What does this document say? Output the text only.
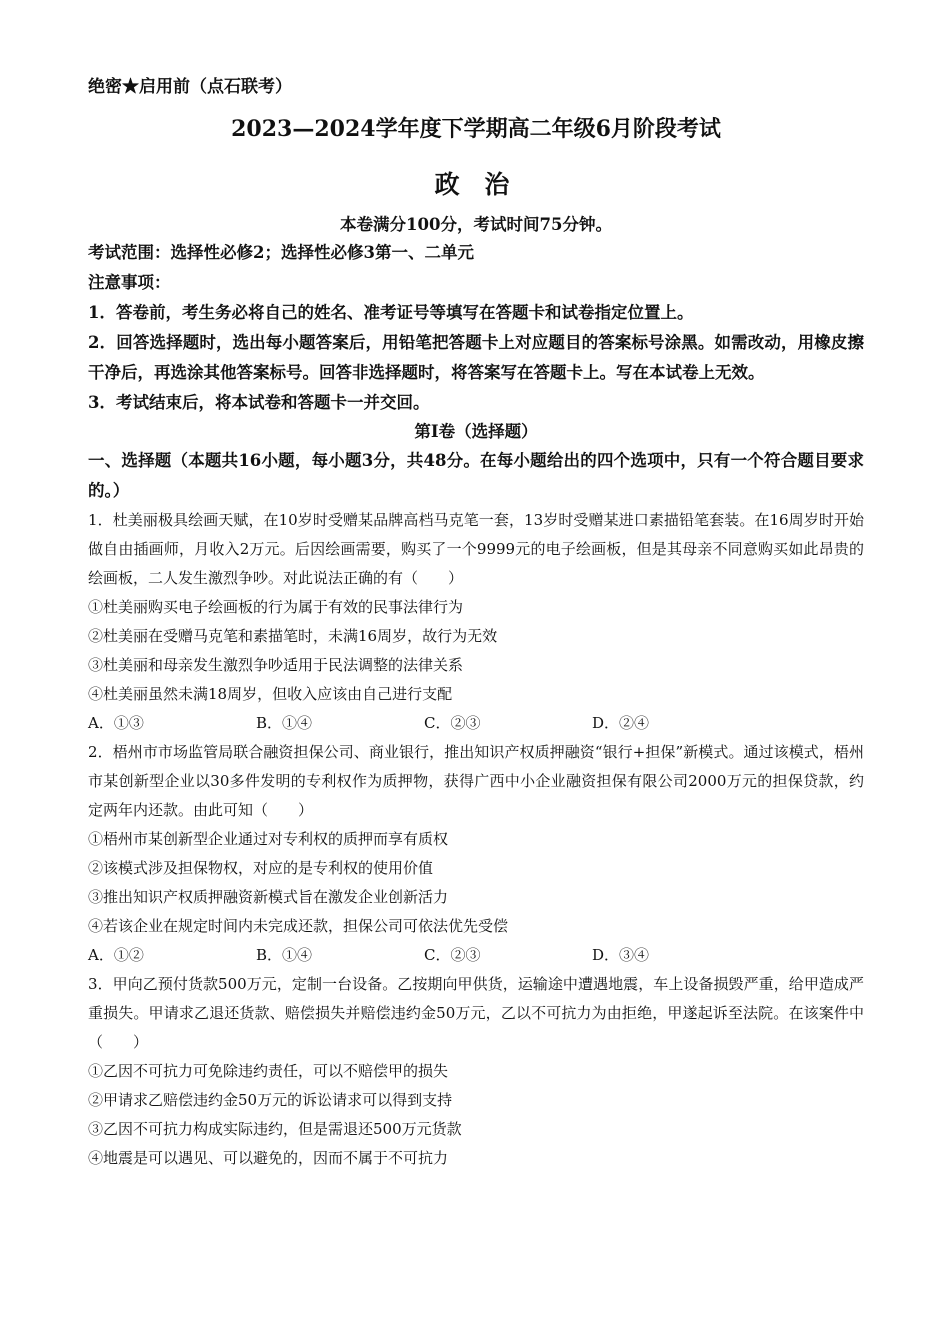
绝密★启用前（点石联考）
2023—2024学年度下学期高二年级6月阶段考试
政 治
本卷满分100分，考试时间75分钟。
考试范围：选择性必修2；选择性必修3第一、二单元
注意事项：
1．答卷前，考生务必将自己的姓名、准考证号等填写在答题卡和试卷指定位置上。
2．回答选择题时，选出每小题答案后，用铅笔把答题卡上对应题目的答案标号涂黑。如需改动，用橡皮擦干净后，再选涂其他答案标号。回答非选择题时，将答案写在答题卡上。写在本试卷上无效。
3．考试结束后，将本试卷和答题卡一并交回。
第Ⅰ卷（选择题）
一、选择题（本题共16小题，每小题3分，共48分。在每小题给出的四个选项中，只有一个符合题目要求的。）
1．杜美丽极具绘画天赋，在10岁时受赠某品牌高档马克笔一套，13岁时受赠某进口素描铅笔套装。在16周岁时开始做自由插画师，月收入2万元。后因绘画需要，购买了一个9999元的电子绘画板，但是其母亲不同意购买如此昂贵的绘画板，二人发生激烈争吵。对此说法正确的有（　　）
①杜美丽购买电子绘画板的行为属于有效的民事法律行为
②杜美丽在受赠马克笔和素描笔时，未满16周岁，故行为无效
③杜美丽和母亲发生激烈争吵适用于民法调整的法律关系
④杜美丽虽然未满18周岁，但收入应该由自己进行支配
A．①③	B．①④	C．②③	D．②④
2．梧州市市场监管局联合融资担保公司、商业银行，推出知识产权质押融资“银行+担保”新模式。通过该模式，梧州市某创新型企业以30多件发明的专利权作为质押物，获得广西中小企业融资担保有限公司2000万元的担保贷款，约定两年内还款。由此可知（　　）
①梧州市某创新型企业通过对专利权的质押而享有质权
②该模式涉及担保物权，对应的是专利权的使用价值
③推出知识产权质押融资新模式旨在激发企业创新活力
④若该企业在规定时间内未完成还款，担保公司可依法优先受偿
A．①②	B．①④	C．②③	D．③④
3．甲向乙预付货款500万元，定制一台设备。乙按期向甲供货，运输途中遭遇地震，车上设备损毁严重，给甲造成严重损失。甲请求乙退还货款、赔偿损失并赔偿违约金50万元，乙以不可抗力为由拒绝，甲遂起诉至法院。在该案件中（　　）
①乙因不可抗力可免除违约责任，可以不赔偿甲的损失
②甲请求乙赔偿违约金50万元的诉讼请求可以得到支持
③乙因不可抗力构成实际违约，但是需退还500万元货款
④地震是可以遇见、可以避免的，因而不属于不可抗力
